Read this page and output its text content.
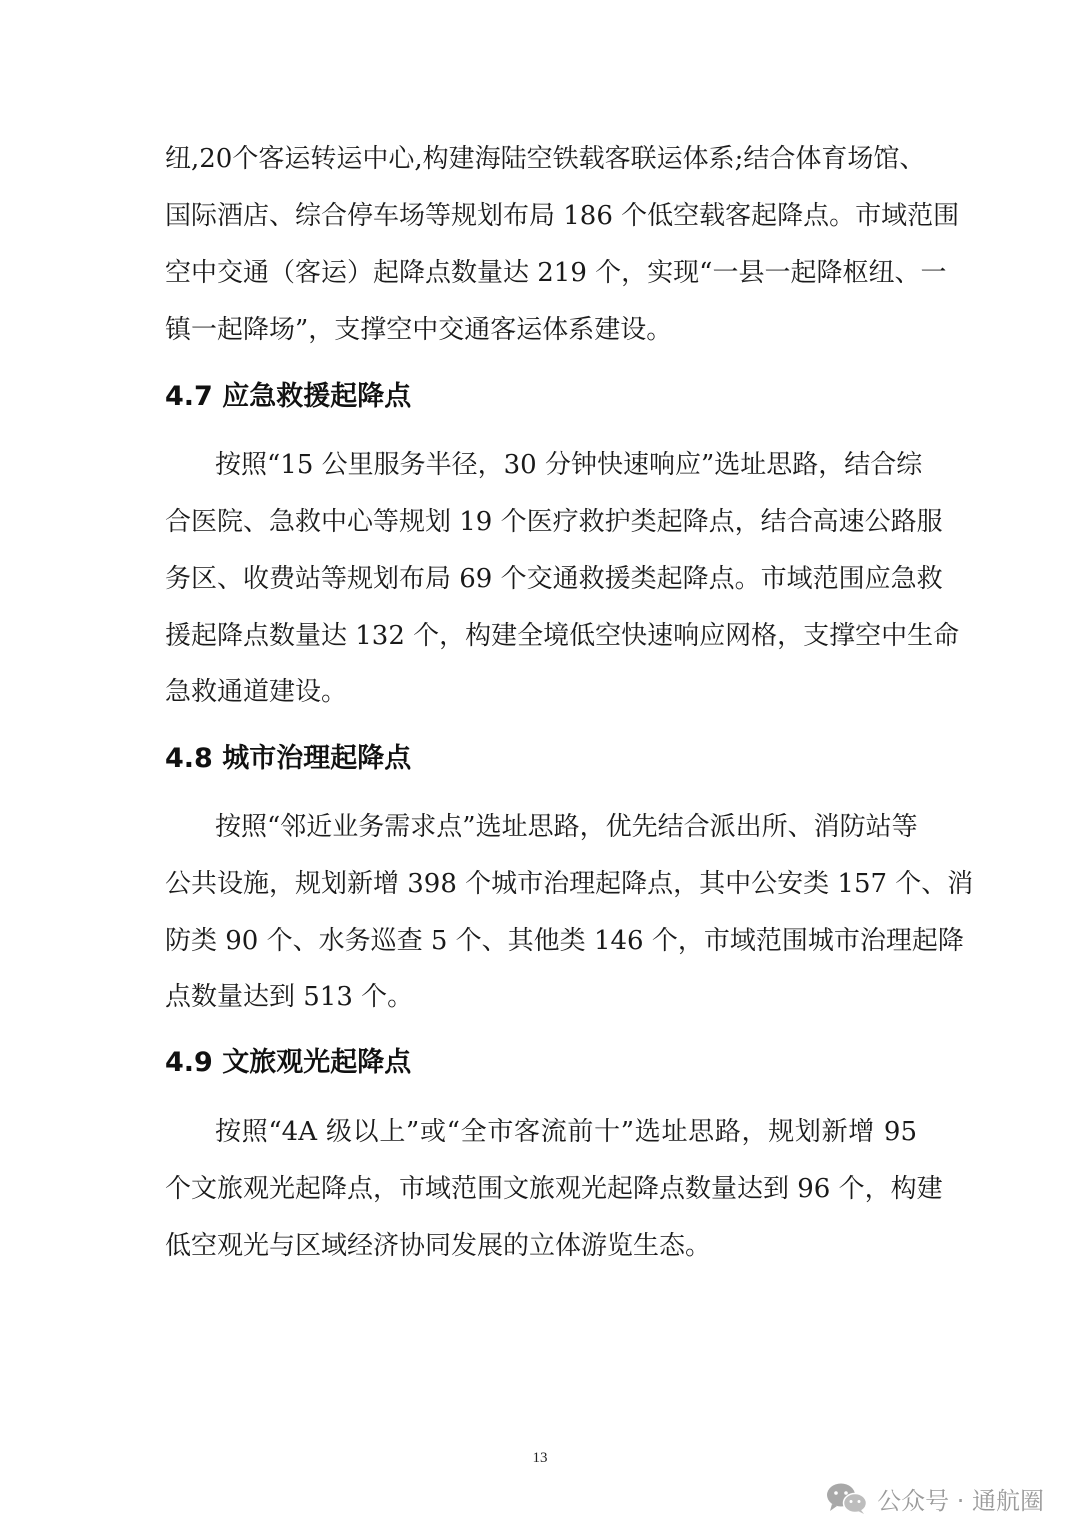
纽,20个客运转运中心,构建海陆空铁载客联运体系;结合体育场馆、
国际酒店、综合停车场等规划布局 186 个低空载客起降点。市域范围
空中交通（客运）起降点数量达 219 个，实现“一县一起降枢纽、一
镇一起降场”，支撑空中交通客运体系建设。
4.7 应急救援起降点
按照“15 公里服务半径，30 分钟快速响应”选址思路，结合综
合医院、急救中心等规划 19 个医疗救护类起降点，结合高速公路服
务区、收费站等规划布局 69 个交通救援类起降点。市域范围应急救
援起降点数量达 132 个，构建全境低空快速响应网格，支撑空中生命
急救通道建设。
4.8 城市治理起降点
按照“邻近业务需求点”选址思路，优先结合派出所、消防站等
公共设施，规划新增 398 个城市治理起降点，其中公安类 157 个、消
防类 90 个、水务巡查 5 个、其他类 146 个，市域范围城市治理起降
点数量达到 513 个。
4.9 文旅观光起降点
按照“4A 级以上”或“全市客流前十”选址思路，规划新增 95
个文旅观光起降点，市域范围文旅观光起降点数量达到 96 个，构建
低空观光与区域经济协同发展的立体游览生态。
13
公众号 · 通航圈
